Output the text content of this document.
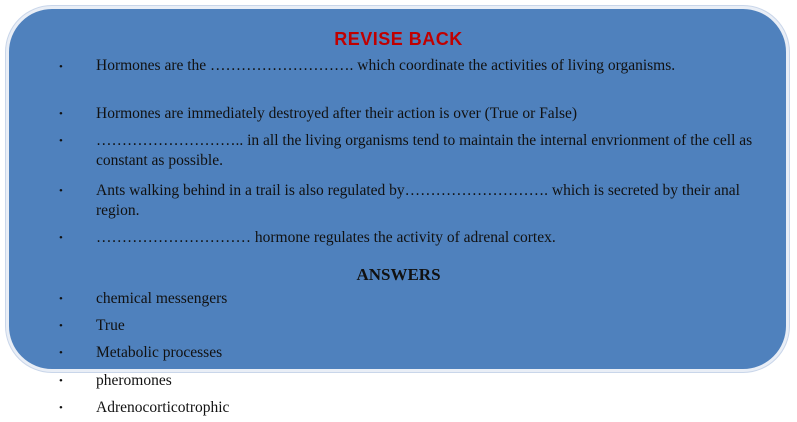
REVISE BACK
• Hormones are the ………………………. which coordinate the activities of living organisms.
• Hormones are immediately destroyed after their action is over (True or False)
• ……………………….. in all the living organisms tend to maintain the internal envrionment of the cell as constant as possible.
• Ants walking behind in a trail is also regulated by………………………. which is secreted by their anal region.
• ………………………… hormone regulates the activity of adrenal cortex.
ANSWERS
• chemical messengers
• True
• Metabolic processes
• pheromones
• Adrenocorticotrophic
